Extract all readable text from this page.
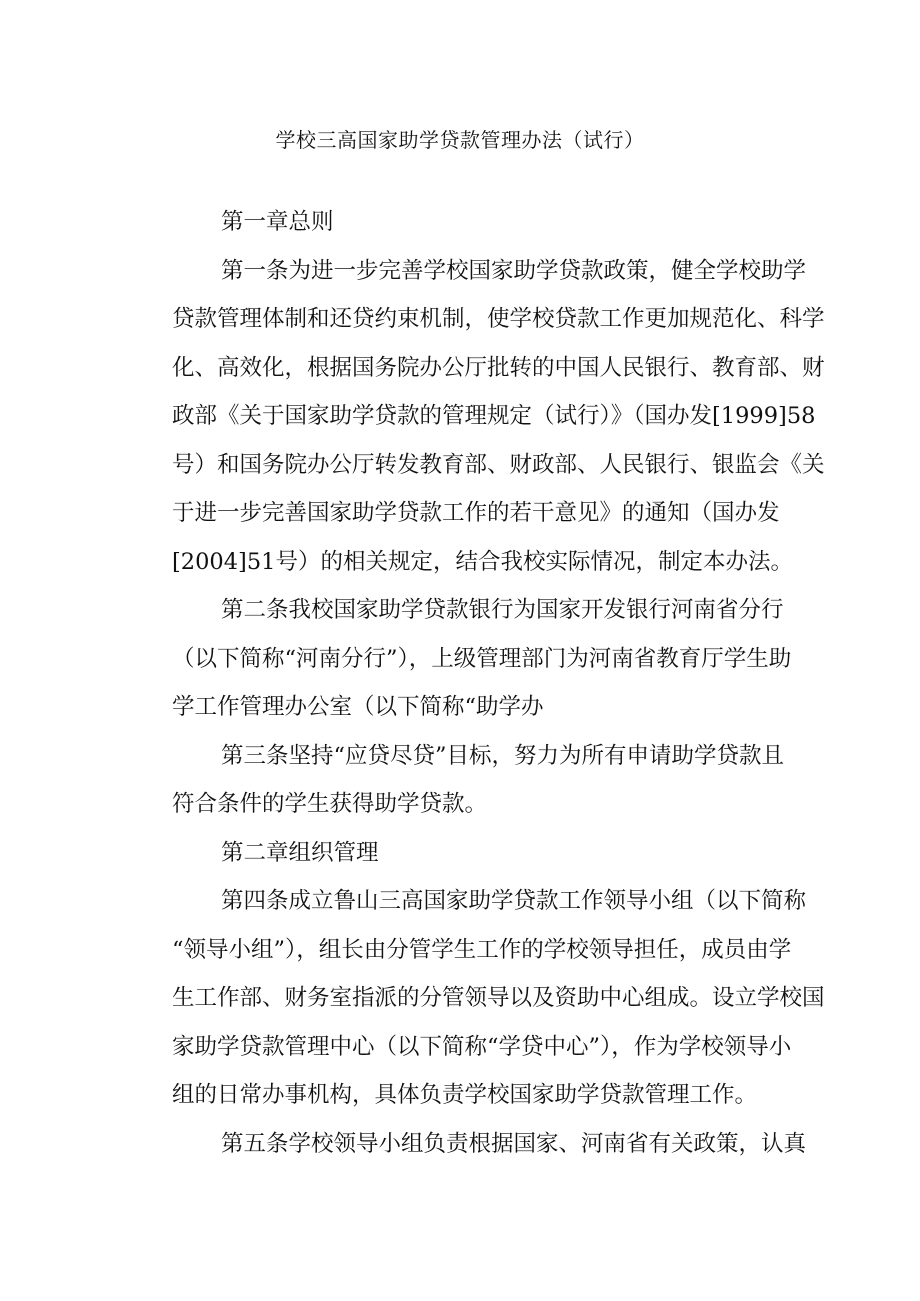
学校三高国家助学贷款管理办法（试行）
第一章总则
第一条为进一步完善学校国家助学贷款政策，健全学校助学
贷款管理体制和还贷约束机制，使学校贷款工作更加规范化、科学
化、高效化，根据国务院办公厅批转的中国人民银行、教育部、财
政部《关于国家助学贷款的管理规定（试行）》（国办发[1999]58
号）和国务院办公厅转发教育部、财政部、人民银行、银监会《关
于进一步完善国家助学贷款工作的若干意见》的通知（国办发
[2004]51号）的相关规定，结合我校实际情况，制定本办法。
第二条我校国家助学贷款银行为国家开发银行河南省分行
（以下简称“河南分行”），上级管理部门为河南省教育厅学生助
学工作管理办公室（以下简称“助学办
第三条坚持“应贷尽贷”目标，努力为所有申请助学贷款且
符合条件的学生获得助学贷款。
第二章组织管理
第四条成立鲁山三高国家助学贷款工作领导小组（以下简称
“领导小组”），组长由分管学生工作的学校领导担任，成员由学
生工作部、财务室指派的分管领导以及资助中心组成。设立学校国
家助学贷款管理中心（以下简称“学贷中心”），作为学校领导小
组的日常办事机构，具体负责学校国家助学贷款管理工作。
第五条学校领导小组负责根据国家、河南省有关政策，认真
